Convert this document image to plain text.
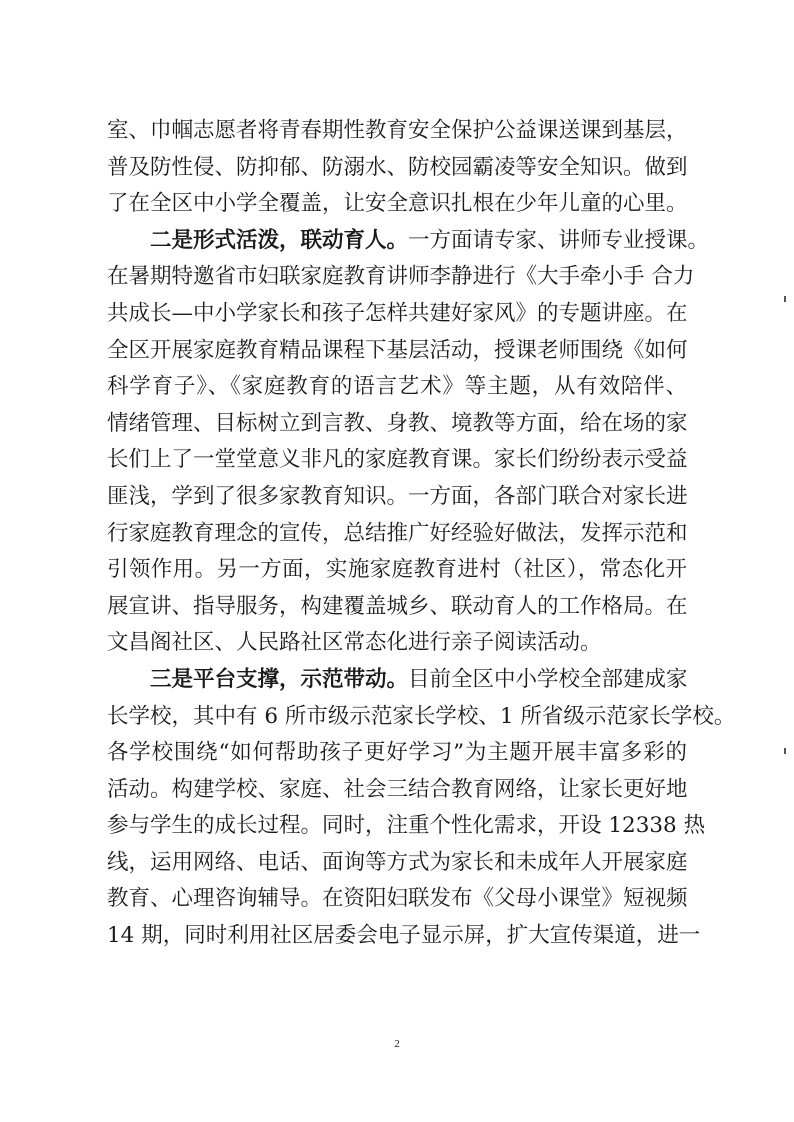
室、巾帼志愿者将青春期性教育安全保护公益课送课到基层，
普及防性侵、防抑郁、防溺水、防校园霸凌等安全知识。做到
了在全区中小学全覆盖，让安全意识扎根在少年儿童的心里。
二是形式活泼，联动育人。一方面请专家、讲师专业授课。
在暑期特邀省市妇联家庭教育讲师李静进行《大手牵小手 合力
共成长—中小学家长和孩子怎样共建好家风》的专题讲座。在
全区开展家庭教育精品课程下基层活动，授课老师围绕《如何
科学育子》、《家庭教育的语言艺术》等主题，从有效陪伴、
情绪管理、目标树立到言教、身教、境教等方面，给在场的家
长们上了一堂堂意义非凡的家庭教育课。家长们纷纷表示受益
匪浅，学到了很多家教育知识。一方面，各部门联合对家长进
行家庭教育理念的宣传，总结推广好经验好做法，发挥示范和
引领作用。另一方面，实施家庭教育进村（社区），常态化开
展宣讲、指导服务，构建覆盖城乡、联动育人的工作格局。在
文昌阁社区、人民路社区常态化进行亲子阅读活动。
三是平台支撑，示范带动。目前全区中小学校全部建成家
长学校，其中有 6 所市级示范家长学校、1 所省级示范家长学校。
各学校围绕“如何帮助孩子更好学习”为主题开展丰富多彩的
活动。构建学校、家庭、社会三结合教育网络，让家长更好地
参与学生的成长过程。同时，注重个性化需求，开设 12338 热
线，运用网络、电话、面询等方式为家长和未成年人开展家庭
教育、心理咨询辅导。在资阳妇联发布《父母小课堂》短视频
14 期，同时利用社区居委会电子显示屏，扩大宣传渠道，进一
2
